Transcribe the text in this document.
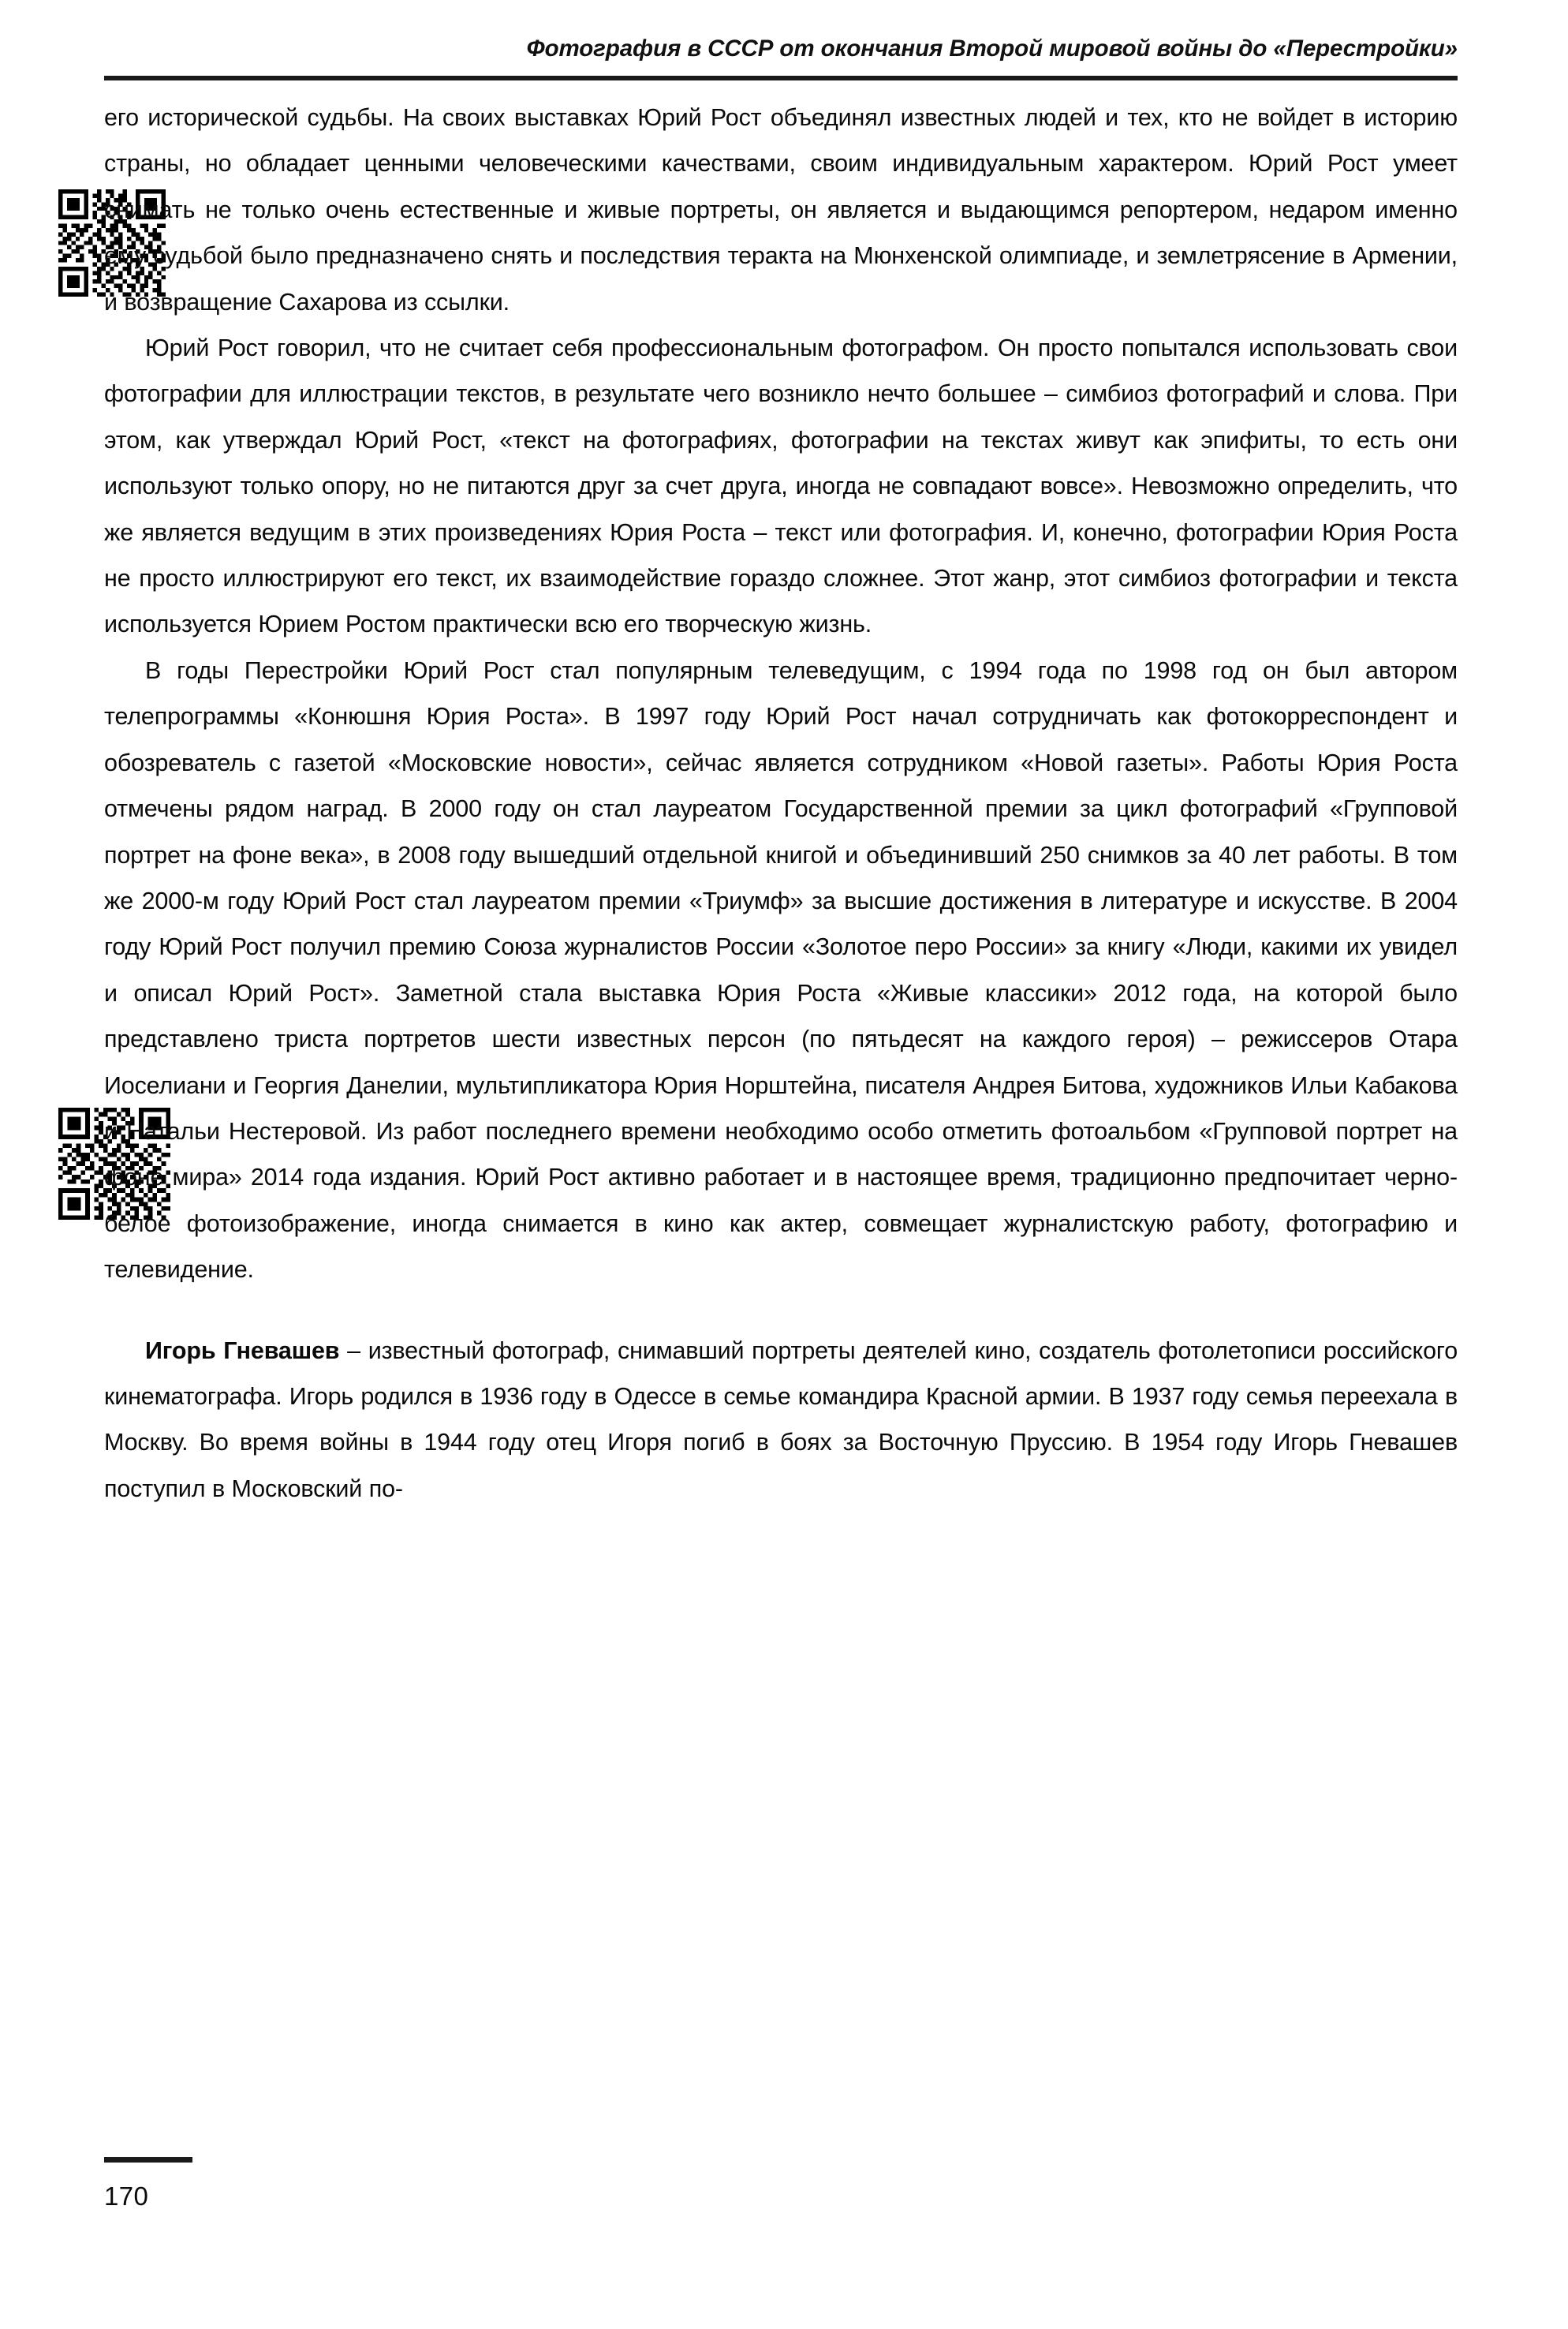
Фотография в СССР от окончания Второй мировой войны до «Перестройки»

его исторической судьбы. На своих выставках Юрий Рост объединял известных людей и тех, кто не войдет в историю страны, но обладает ценными человеческими качествами, своим индивидуальным характером. Юрий Рост умеет снимать не только очень естественные и живые портреты, он является и выдающимся репортером, недаром именно ему судьбой было предназначено снять и последствия теракта на Мюнхенской олимпиаде, и землетрясение в Армении, и возвращение Сахарова из ссылки.

Юрий Рост говорил, что не считает себя профессиональным фотографом. Он просто попытался использовать свои фотографии для иллюстрации текстов, в результате чего возникло нечто большее – симбиоз фотографий и слова. При этом, как утверждал Юрий Рост, «текст на фотографиях, фотографии на текстах живут как эпифиты, то есть они используют только опору, но не питаются друг за счет друга, иногда не совпадают вовсе». Невозможно определить, что же является ведущим в этих произведениях Юрия Роста – текст или фотография. И, конечно, фотографии Юрия Роста не просто иллюстрируют его текст, их взаимодействие гораздо сложнее. Этот жанр, этот симбиоз фотографии и текста используется Юрием Ростом практически всю его творческую жизнь.

В годы Перестройки Юрий Рост стал популярным телеведущим, с 1994 года по 1998 год он был автором телепрограммы «Конюшня Юрия Роста». В 1997 году Юрий Рост начал сотрудничать как фотокорреспондент и обозреватель с газетой «Московские новости», сейчас является сотрудником «Новой газеты». Работы Юрия Роста отмечены рядом наград. В 2000 году он стал лауреатом Государственной премии за цикл фотографий «Групповой портрет на фоне века», в 2008 году вышедший отдельной книгой и объединивший 250 снимков за 40 лет работы. В том же 2000-м году Юрий Рост стал лауреатом премии «Триумф» за высшие достижения в литературе и искусстве. В 2004 году Юрий Рост получил премию Союза журналистов России «Золотое перо России» за книгу «Люди, какими их увидел и описал Юрий Рост». Заметной стала выставка Юрия Роста «Живые классики» 2012 года, на которой было представлено триста портретов шести известных персон (по пятьдесят на каждого героя) – режиссеров Отара Иоселиани и Георгия Данелии, мультипликатора Юрия Норштейна, писателя Андрея Битова, художников Ильи Кабакова и Натальи Нестеровой. Из работ последнего времени необходимо особо отметить фотоальбом «Групповой портрет на фоне мира» 2014 года издания. Юрий Рост активно работает и в настоящее время, традиционно предпочитает черно-белое фотоизображение, иногда снимается в кино как актер, совмещает журналистскую работу, фотографию и телевидение.

Игорь Гневашев – известный фотограф, снимавший портреты деятелей кино, создатель фотолетописи российского кинематографа. Игорь родился в 1936 году в Одессе в семье командира Красной армии. В 1937 году семья переехала в Москву. Во время войны в 1944 году отец Игоря погиб в боях за Восточную Пруссию. В 1954 году Игорь Гневашев поступил в Московский по-

170
